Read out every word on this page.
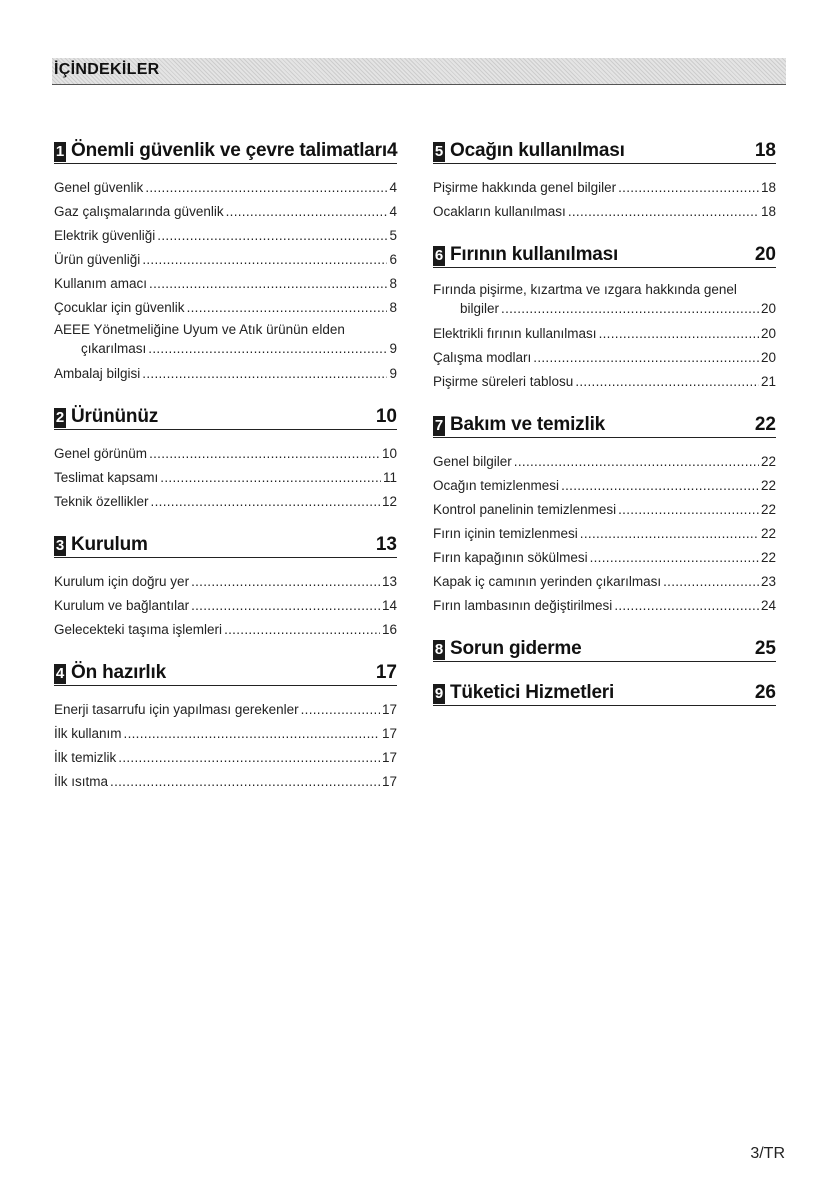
İÇİNDEKİLER
1 Önemli güvenlik ve çevre talimatları 4
Genel güvenlik .....	4
Gaz çalışmalarında güvenlik .....	4
Elektrik güvenliği .....	5
Ürün güvenliği .....	6
Kullanım amacı .....	8
Çocuklar için güvenlik .....	8
AEEE Yönetmeliğine Uyum ve Atık ürünün elden
çıkarılması .....	9
Ambalaj bilgisi .....	9
2 Ürününüz	10
Genel görünüm .....	10
Teslimat kapsamı .....	11
Teknik özellikler .....	12
3 Kurulum	13
Kurulum için doğru yer .....	13
Kurulum ve bağlantılar .....	14
Gelecekteki taşıma işlemleri .....	16
4 Ön hazırlık	17
Enerji tasarrufu için yapılması gerekenler .....	17
İlk kullanım .....	17
İlk temizlik .....	17
İlk ısıtma .....	17
5 Ocağın kullanılması	18
Pişirme hakkında genel bilgiler .....	18
Ocakların kullanılması .....	18
6 Fırının kullanılması	20
Fırında pişirme, kızartma ve ızgara hakkında genel
bilgiler .....	20
Elektrikli fırının kullanılması .....	20
Çalışma modları .....	20
Pişirme süreleri tablosu .....	21
7 Bakım ve temizlik	22
Genel bilgiler .....	22
Ocağın temizlenmesi .....	22
Kontrol panelinin temizlenmesi .....	22
Fırın içinin temizlenmesi .....	22
Fırın kapağının sökülmesi .....	22
Kapak iç camının yerinden çıkarılması .....	23
Fırın lambasının değiştirilmesi .....	24
8 Sorun giderme	25
9 Tüketici Hizmetleri	26
3/TR
